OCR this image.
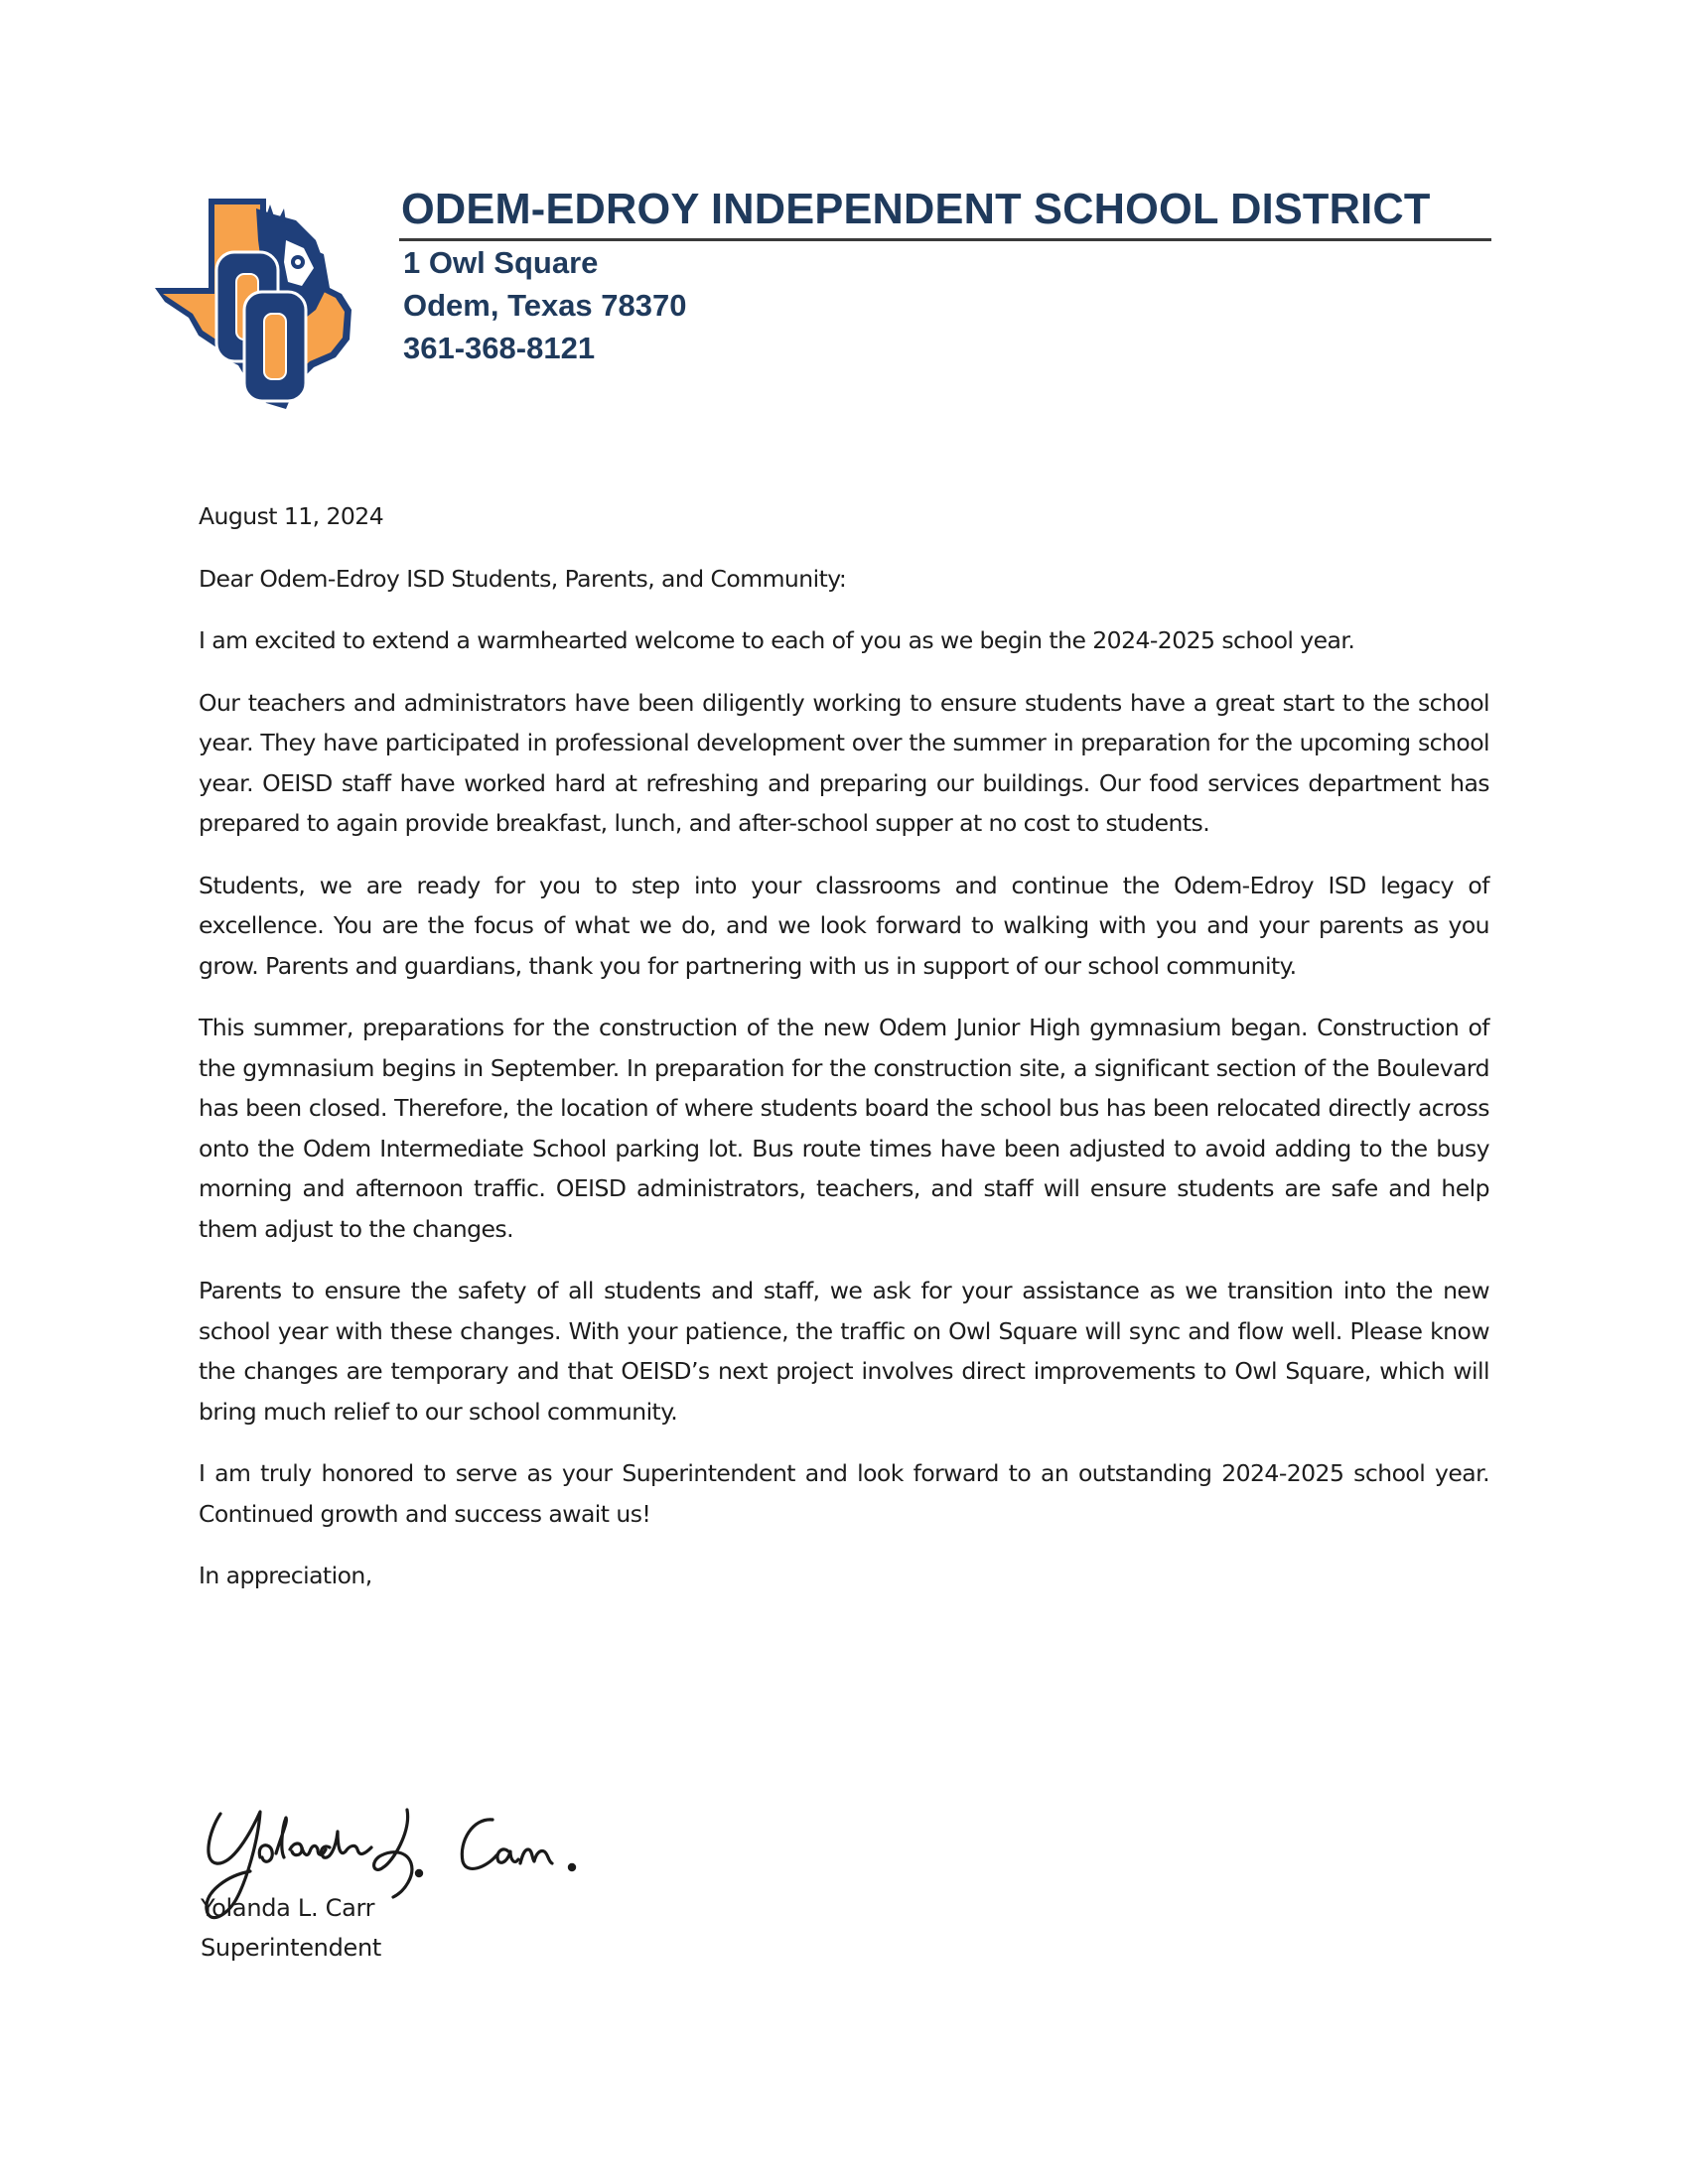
ODEM-EDROY INDEPENDENT SCHOOL DISTRICT
1 Owl Square
Odem, Texas 78370
361-368-8121

August 11, 2024

Dear Odem-Edroy ISD Students, Parents, and Community:

I am excited to extend a warmhearted welcome to each of you as we begin the 2024-2025 school year.

Our teachers and administrators have been diligently working to ensure students have a great start to the school year. They have participated in professional development over the summer in preparation for the upcoming school year. OEISD staff have worked hard at refreshing and preparing our buildings. Our food services department has prepared to again provide breakfast, lunch, and after-school supper at no cost to students.

Students, we are ready for you to step into your classrooms and continue the Odem-Edroy ISD legacy of excellence. You are the focus of what we do, and we look forward to walking with you and your parents as you grow. Parents and guardians, thank you for partnering with us in support of our school community.

This summer, preparations for the construction of the new Odem Junior High gymnasium began. Construction of the gymnasium begins in September. In preparation for the construction site, a significant section of the Boulevard has been closed. Therefore, the location of where students board the school bus has been relocated directly across onto the Odem Intermediate School parking lot. Bus route times have been adjusted to avoid adding to the busy morning and afternoon traffic. OEISD administrators, teachers, and staff will ensure students are safe and help them adjust to the changes.

Parents to ensure the safety of all students and staff, we ask for your assistance as we transition into the new school year with these changes. With your patience, the traffic on Owl Square will sync and flow well. Please know the changes are temporary and that OEISD’s next project involves direct improvements to Owl Square, which will bring much relief to our school community.

I am truly honored to serve as your Superintendent and look forward to an outstanding 2024-2025 school year. Continued growth and success await us!

In appreciation,

Yolanda L. Carr
Superintendent
